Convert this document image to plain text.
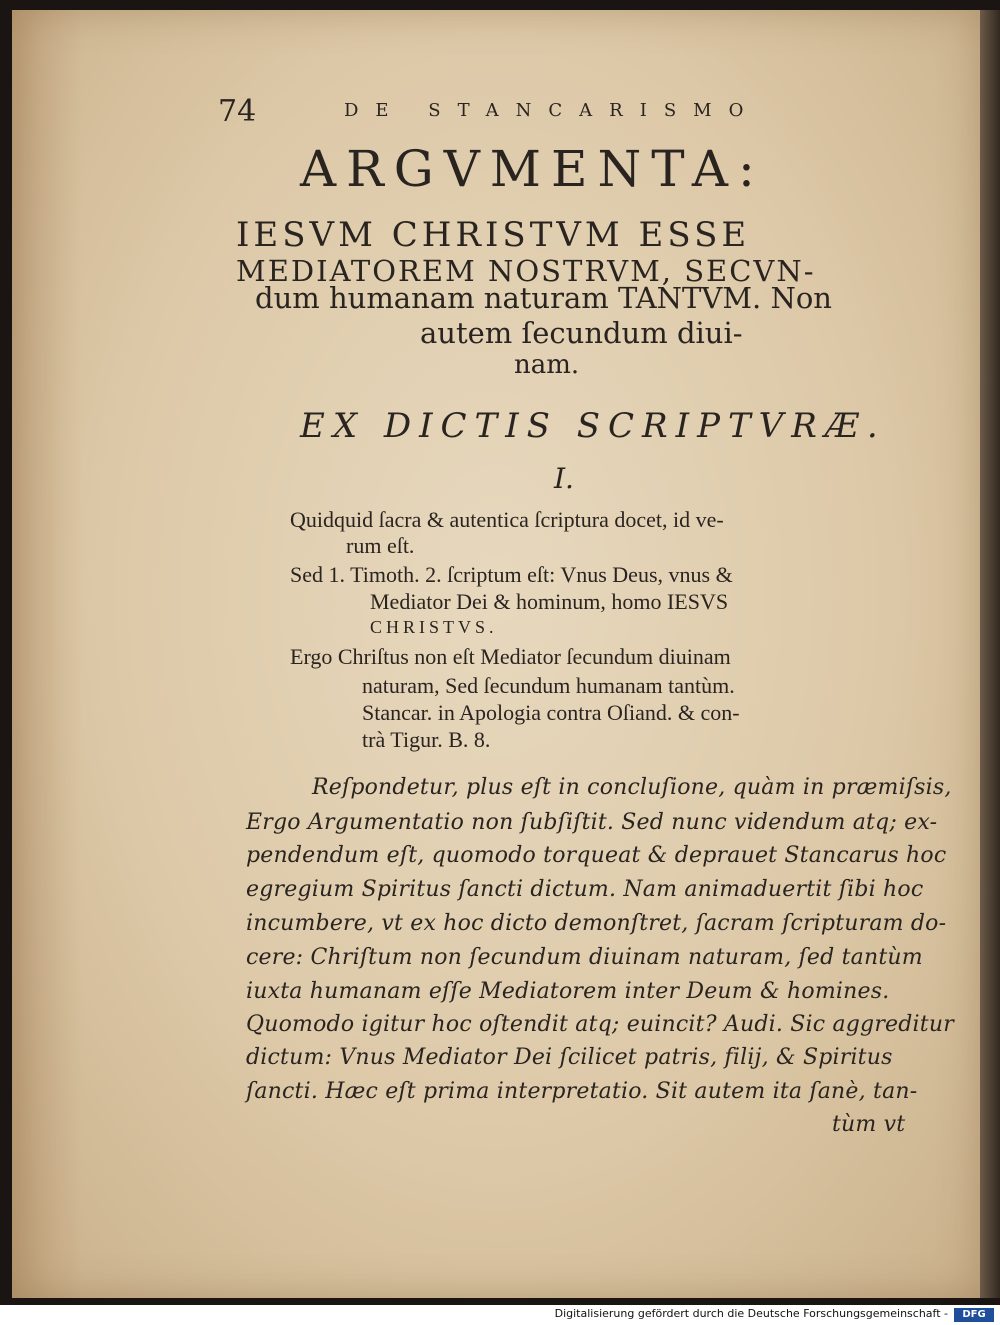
74	DE STANCARISMO
ARGVMENTA:
IESVM CHRISTVM ESSE
MEDIATOREM NOSTRVM, SECVN-
dum humanam naturam TANTVM. Non
autem ſecundum diui-
nam.
EX DICTIS SCRIPTVRÆ.
I.
Quidquid ſacra & autentica ſcriptura docet, id ve-
rum eſt.
Sed 1. Timoth. 2. ſcriptum eſt: Vnus Deus, vnus &
Mediator Dei & hominum, homo IESVS
CHRISTVS.
Ergo Chriſtus non eſt Mediator ſecundum diuinam
naturam, Sed ſecundum humanam tantùm.
Stancar. in Apologia contra Oſiand. & con-
trà Tigur. B. 8.
Reſpondetur, plus eſt in concluſione, quàm in præmiſsis,
Ergo Argumentatio non ſubſiſtit. Sed nunc videndum atq; ex-
pendendum eſt, quomodo torqueat & deprauet Stancarus hoc
egregium Spiritus ſancti dictum. Nam animaduertit ſibi hoc
incumbere, vt ex hoc dicto demonſtret, ſacram ſcripturam do-
cere: Chriſtum non ſecundum diuinam naturam, ſed tantùm
iuxta humanam eſſe Mediatorem inter Deum & homines.
Quomodo igitur hoc oſtendit atq; euincit? Audi. Sic aggreditur
dictum: Vnus Mediator Dei ſcilicet patris, filij, & Spiritus
ſancti. Hæc eſt prima interpretatio. Sit autem ita ſanè, tan-
tùm vt
Digitalisierung gefördert durch die Deutsche Forschungsgemeinschaft -	DFG
